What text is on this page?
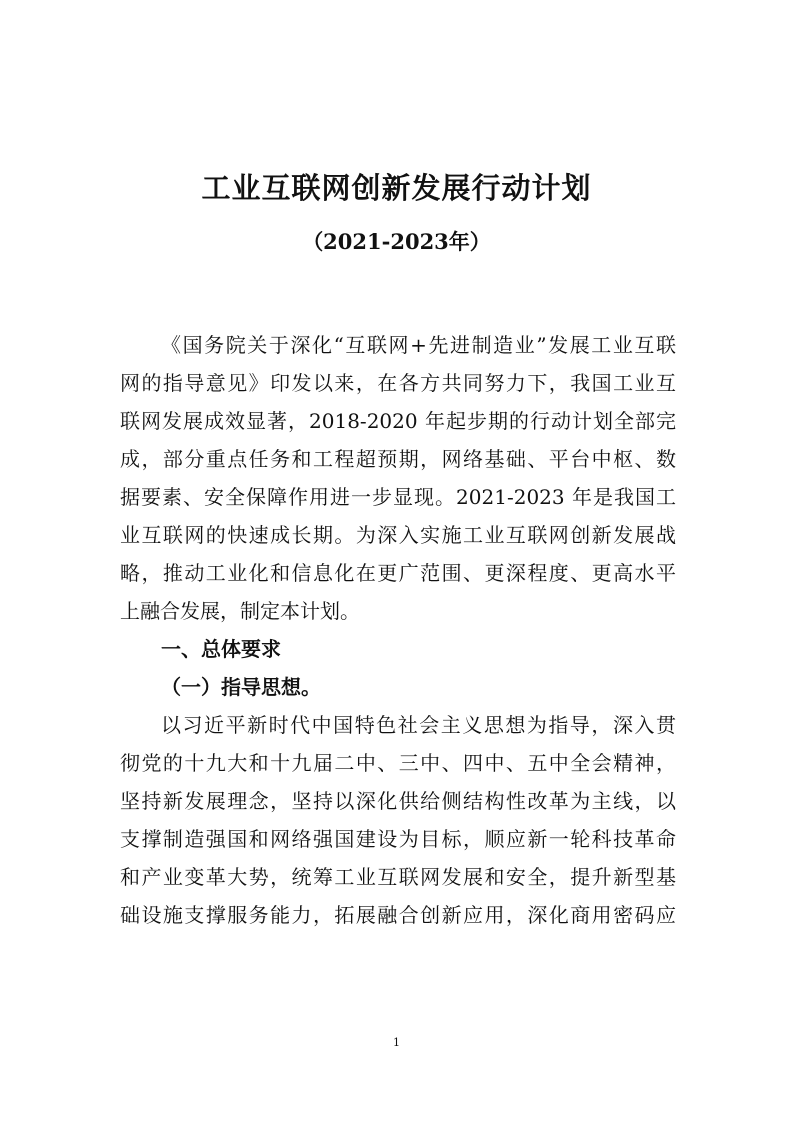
工业互联网创新发展行动计划
（2021-2023年）
《国务院关于深化“互联网+先进制造业”发展工业互联
网的指导意见》印发以来，在各方共同努力下，我国工业互
联网发展成效显著，2018-2020 年起步期的行动计划全部完
成，部分重点任务和工程超预期，网络基础、平台中枢、数
据要素、安全保障作用进一步显现。2021-2023 年是我国工
业互联网的快速成长期。为深入实施工业互联网创新发展战
略，推动工业化和信息化在更广范围、更深程度、更高水平
上融合发展，制定本计划。
一、总体要求
（一）指导思想。
以习近平新时代中国特色社会主义思想为指导，深入贯
彻党的十九大和十九届二中、三中、四中、五中全会精神，
坚持新发展理念，坚持以深化供给侧结构性改革为主线，以
支撑制造强国和网络强国建设为目标，顺应新一轮科技革命
和产业变革大势，统筹工业互联网发展和安全，提升新型基
础设施支撑服务能力，拓展融合创新应用，深化商用密码应
1
